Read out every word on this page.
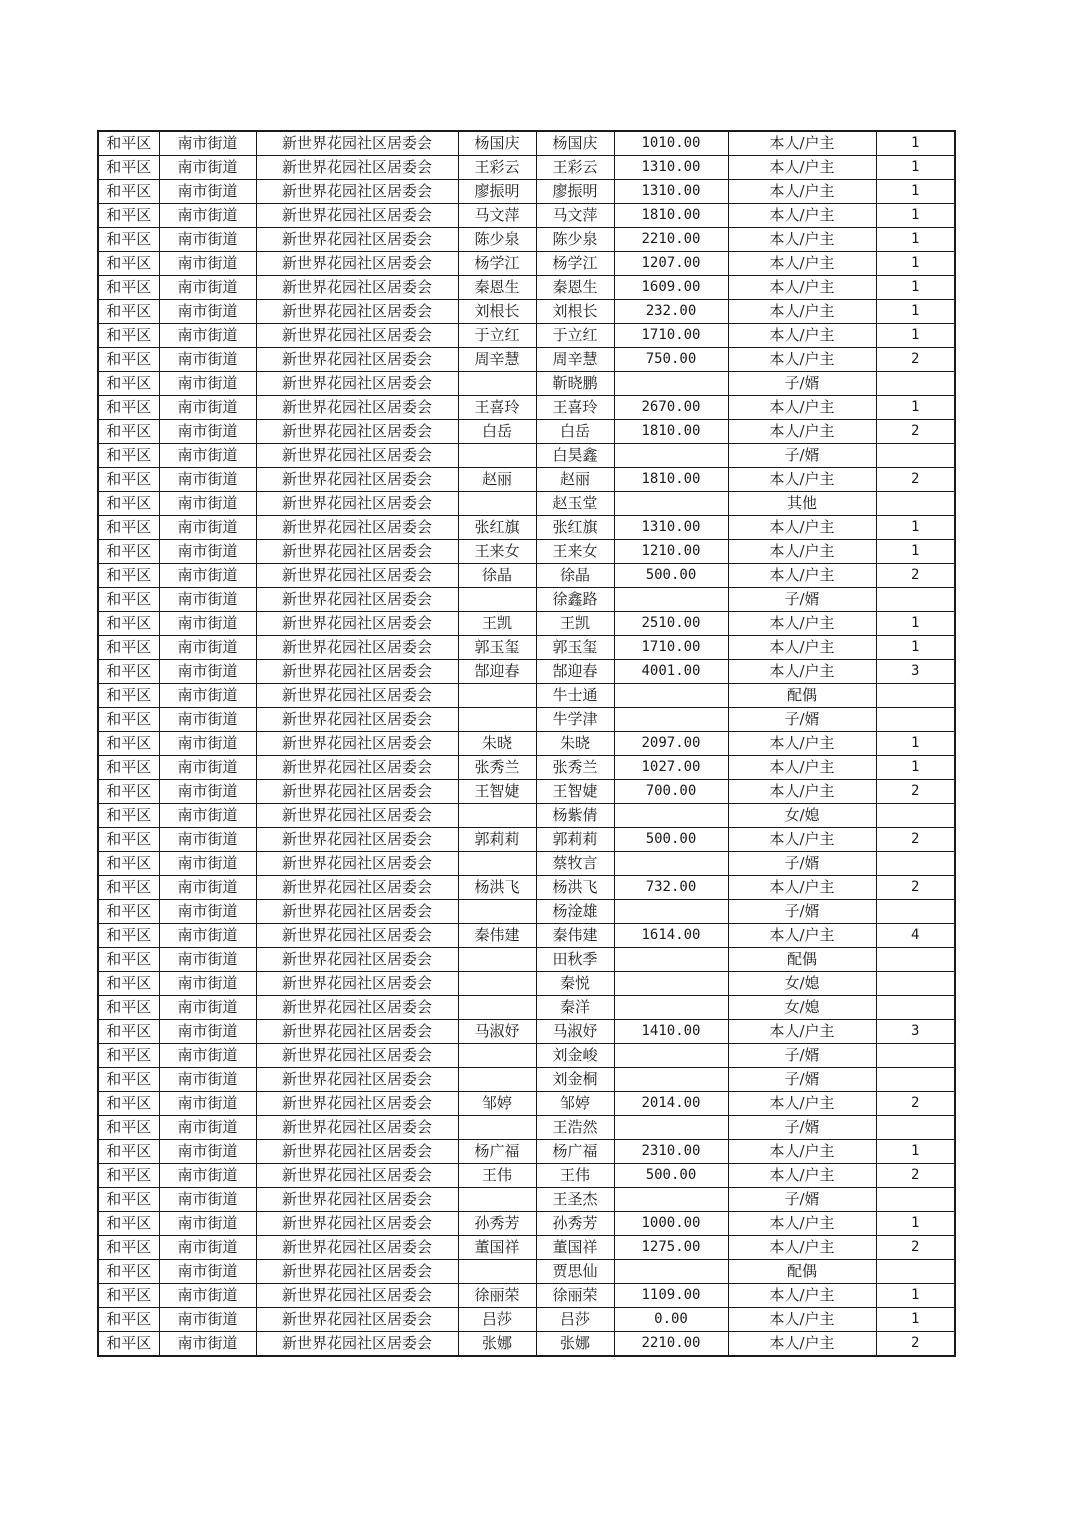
和平区	南市街道	新世界花园社区居委会	杨国庆	杨国庆	1010.00	本人/户主	1
和平区	南市街道	新世界花园社区居委会	王彩云	王彩云	1310.00	本人/户主	1
和平区	南市街道	新世界花园社区居委会	廖振明	廖振明	1310.00	本人/户主	1
和平区	南市街道	新世界花园社区居委会	马文萍	马文萍	1810.00	本人/户主	1
和平区	南市街道	新世界花园社区居委会	陈少泉	陈少泉	2210.00	本人/户主	1
和平区	南市街道	新世界花园社区居委会	杨学江	杨学江	1207.00	本人/户主	1
和平区	南市街道	新世界花园社区居委会	秦恩生	秦恩生	1609.00	本人/户主	1
和平区	南市街道	新世界花园社区居委会	刘根长	刘根长	232.00	本人/户主	1
和平区	南市街道	新世界花园社区居委会	于立红	于立红	1710.00	本人/户主	1
和平区	南市街道	新世界花园社区居委会	周辛慧	周辛慧	750.00	本人/户主	2
和平区	南市街道	新世界花园社区居委会		靳晓鹏		子/婿	
和平区	南市街道	新世界花园社区居委会	王喜玲	王喜玲	2670.00	本人/户主	1
和平区	南市街道	新世界花园社区居委会	白岳	白岳	1810.00	本人/户主	2
和平区	南市街道	新世界花园社区居委会		白昊鑫		子/婿	
和平区	南市街道	新世界花园社区居委会	赵丽	赵丽	1810.00	本人/户主	2
和平区	南市街道	新世界花园社区居委会		赵玉堂		其他	
和平区	南市街道	新世界花园社区居委会	张红旗	张红旗	1310.00	本人/户主	1
和平区	南市街道	新世界花园社区居委会	王来女	王来女	1210.00	本人/户主	1
和平区	南市街道	新世界花园社区居委会	徐晶	徐晶	500.00	本人/户主	2
和平区	南市街道	新世界花园社区居委会		徐鑫路		子/婿	
和平区	南市街道	新世界花园社区居委会	王凯	王凯	2510.00	本人/户主	1
和平区	南市街道	新世界花园社区居委会	郭玉玺	郭玉玺	1710.00	本人/户主	1
和平区	南市街道	新世界花园社区居委会	郜迎春	郜迎春	4001.00	本人/户主	3
和平区	南市街道	新世界花园社区居委会		牛士通		配偶	
和平区	南市街道	新世界花园社区居委会		牛学津		子/婿	
和平区	南市街道	新世界花园社区居委会	朱晓	朱晓	2097.00	本人/户主	1
和平区	南市街道	新世界花园社区居委会	张秀兰	张秀兰	1027.00	本人/户主	1
和平区	南市街道	新世界花园社区居委会	王智婕	王智婕	700.00	本人/户主	2
和平区	南市街道	新世界花园社区居委会		杨紫倩		女/媳	
和平区	南市街道	新世界花园社区居委会	郭莉莉	郭莉莉	500.00	本人/户主	2
和平区	南市街道	新世界花园社区居委会		蔡牧言		子/婿	
和平区	南市街道	新世界花园社区居委会	杨洪飞	杨洪飞	732.00	本人/户主	2
和平区	南市街道	新世界花园社区居委会		杨淦雄		子/婿	
和平区	南市街道	新世界花园社区居委会	秦伟建	秦伟建	1614.00	本人/户主	4
和平区	南市街道	新世界花园社区居委会		田秋季		配偶	
和平区	南市街道	新世界花园社区居委会		秦悦		女/媳	
和平区	南市街道	新世界花园社区居委会		秦洋		女/媳	
和平区	南市街道	新世界花园社区居委会	马淑妤	马淑妤	1410.00	本人/户主	3
和平区	南市街道	新世界花园社区居委会		刘金峻		子/婿	
和平区	南市街道	新世界花园社区居委会		刘金桐		子/婿	
和平区	南市街道	新世界花园社区居委会	邹婷	邹婷	2014.00	本人/户主	2
和平区	南市街道	新世界花园社区居委会		王浩然		子/婿	
和平区	南市街道	新世界花园社区居委会	杨广福	杨广福	2310.00	本人/户主	1
和平区	南市街道	新世界花园社区居委会	王伟	王伟	500.00	本人/户主	2
和平区	南市街道	新世界花园社区居委会		王圣杰		子/婿	
和平区	南市街道	新世界花园社区居委会	孙秀芳	孙秀芳	1000.00	本人/户主	1
和平区	南市街道	新世界花园社区居委会	董国祥	董国祥	1275.00	本人/户主	2
和平区	南市街道	新世界花园社区居委会		贾思仙		配偶	
和平区	南市街道	新世界花园社区居委会	徐丽荣	徐丽荣	1109.00	本人/户主	1
和平区	南市街道	新世界花园社区居委会	吕莎	吕莎	0.00	本人/户主	1
和平区	南市街道	新世界花园社区居委会	张娜	张娜	2210.00	本人/户主	2
